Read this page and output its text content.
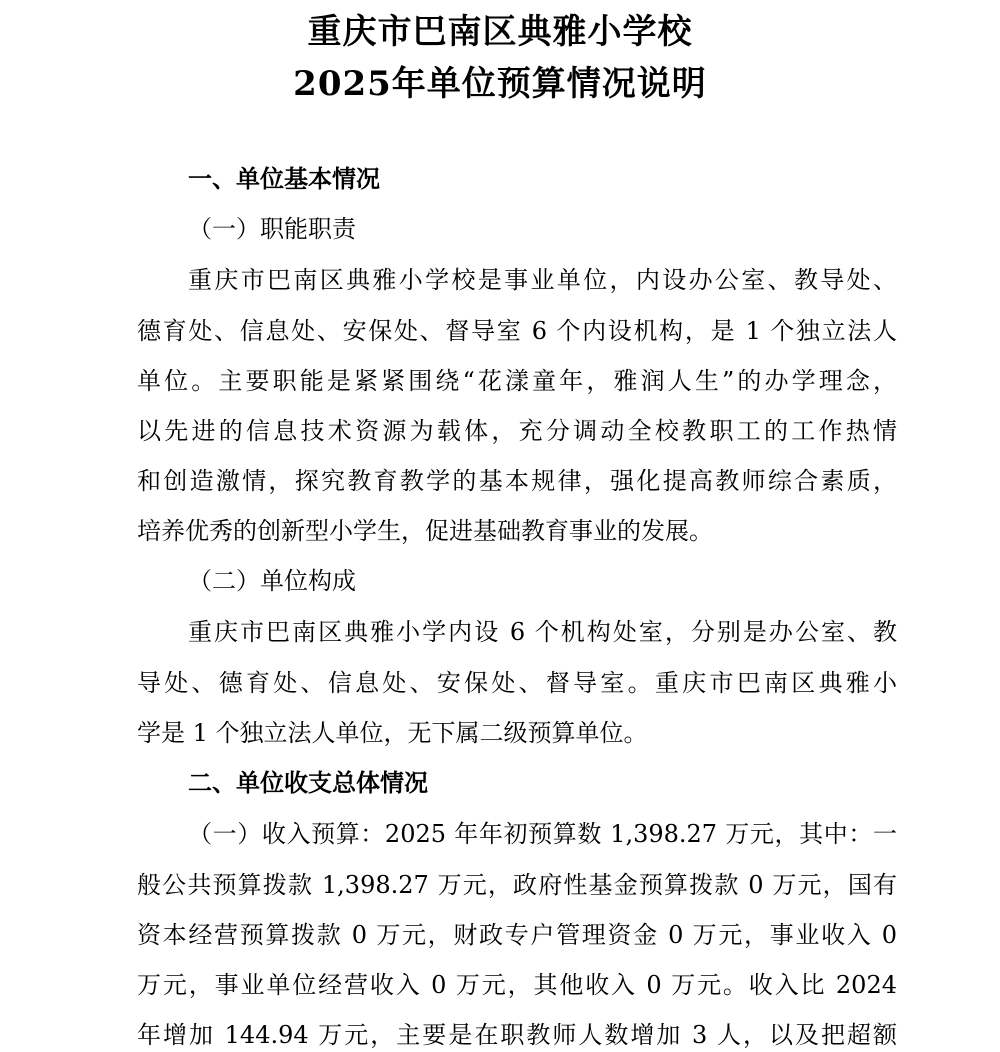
重庆市巴南区典雅小学校
2025年单位预算情况说明
一、单位基本情况
（一）职能职责
重庆市巴南区典雅小学校是事业单位，内设办公室、教导处、
德育处、信息处、安保处、督导室 6 个内设机构，是 1 个独立法人
单位。主要职能是紧紧围绕“花漾童年，雅润人生”的办学理念，
以先进的信息技术资源为载体，充分调动全校教职工的工作热情
和创造激情，探究教育教学的基本规律，强化提高教师综合素质，
培养优秀的创新型小学生，促进基础教育事业的发展。
（二）单位构成
重庆市巴南区典雅小学内设 6 个机构处室，分别是办公室、教
导处、德育处、信息处、安保处、督导室。重庆市巴南区典雅小
学是 1 个独立法人单位，无下属二级预算单位。
二、单位收支总体情况
（一）收入预算：2025 年年初预算数 1,398.27 万元，其中：一
般公共预算拨款 1,398.27 万元，政府性基金预算拨款 0 万元，国有
资本经营预算拨款 0 万元，财政专户管理资金 0 万元，事业收入 0
万元，事业单位经营收入 0 万元，其他收入 0 万元。收入比 2024
年增加 144.94 万元，主要是在职教师人数增加 3 人，以及把超额
